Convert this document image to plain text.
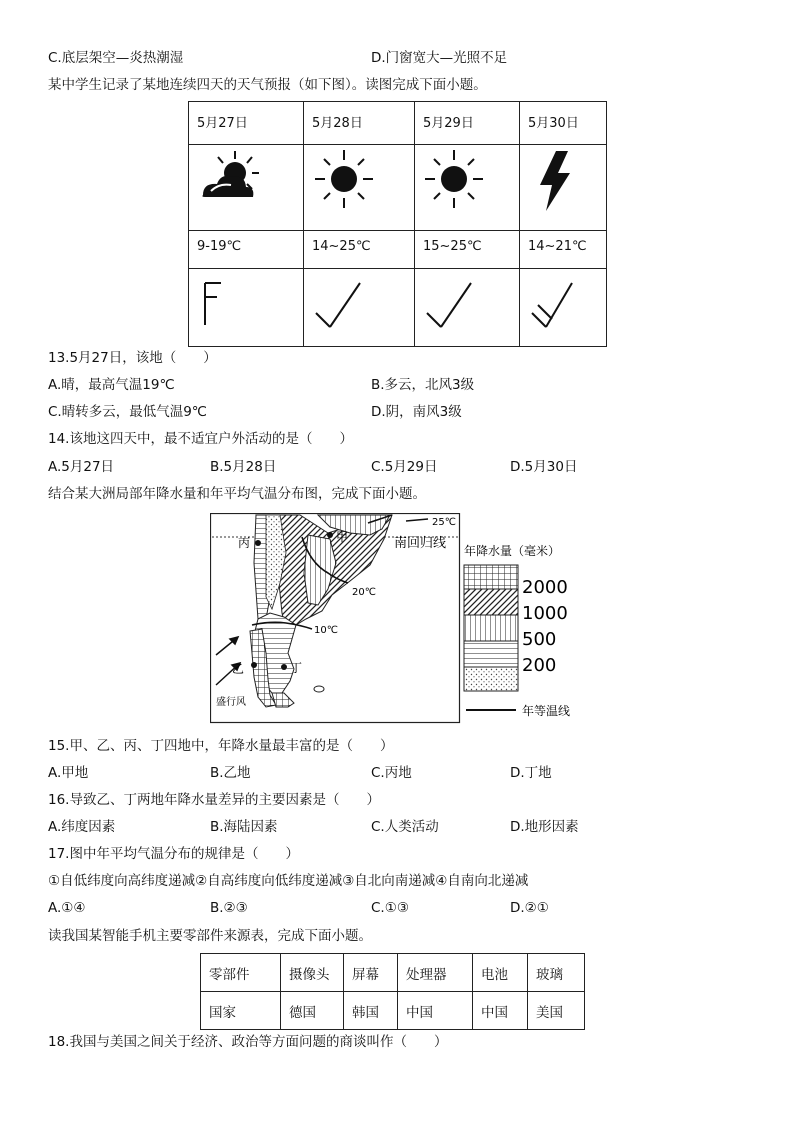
C.底层架空—炎热潮湿	D.门窗宽大—光照不足
某中学生记录了某地连续四天的天气预报（如下图）。读图完成下面小题。
5月27日	5月28日	5月29日	5月30日

9-19℃	14~25℃	15~25℃	14~21℃

13.5月27日，该地（　　）
A.晴，最高气温19℃	B.多云，北风3级
C.晴转多云，最低气温9℃	D.阴，南风3级
14.该地这四天中，最不适宜户外活动的是（　　）
A.5月27日	B.5月28日	C.5月29日	D.5月30日
结合某大洲局部年降水量和年平均气温分布图，完成下面小题。
甲
丙
乙	丁
南回归线
盛行风
25℃
20℃
10℃
年降水量（毫米）
2000
1000
500
200
年等温线
15.甲、乙、丙、丁四地中，年降水量最丰富的是（　　）
A.甲地	B.乙地	C.丙地	D.丁地
16.导致乙、丁两地年降水量差异的主要因素是（　　）
A.纬度因素	B.海陆因素	C.人类活动	D.地形因素
17.图中年平均气温分布的规律是（　　）
①自低纬度向高纬度递减②自高纬度向低纬度递减③自北向南递减④自南向北递减
A.①④	B.②③	C.①③	D.②①
读我国某智能手机主要零部件来源表，完成下面小题。
零部件	摄像头	屏幕	处理器	电池	玻璃
国家	德国	韩国	中国	中国	美国
18.我国与美国之间关于经济、政治等方面问题的商谈叫作（　　）
